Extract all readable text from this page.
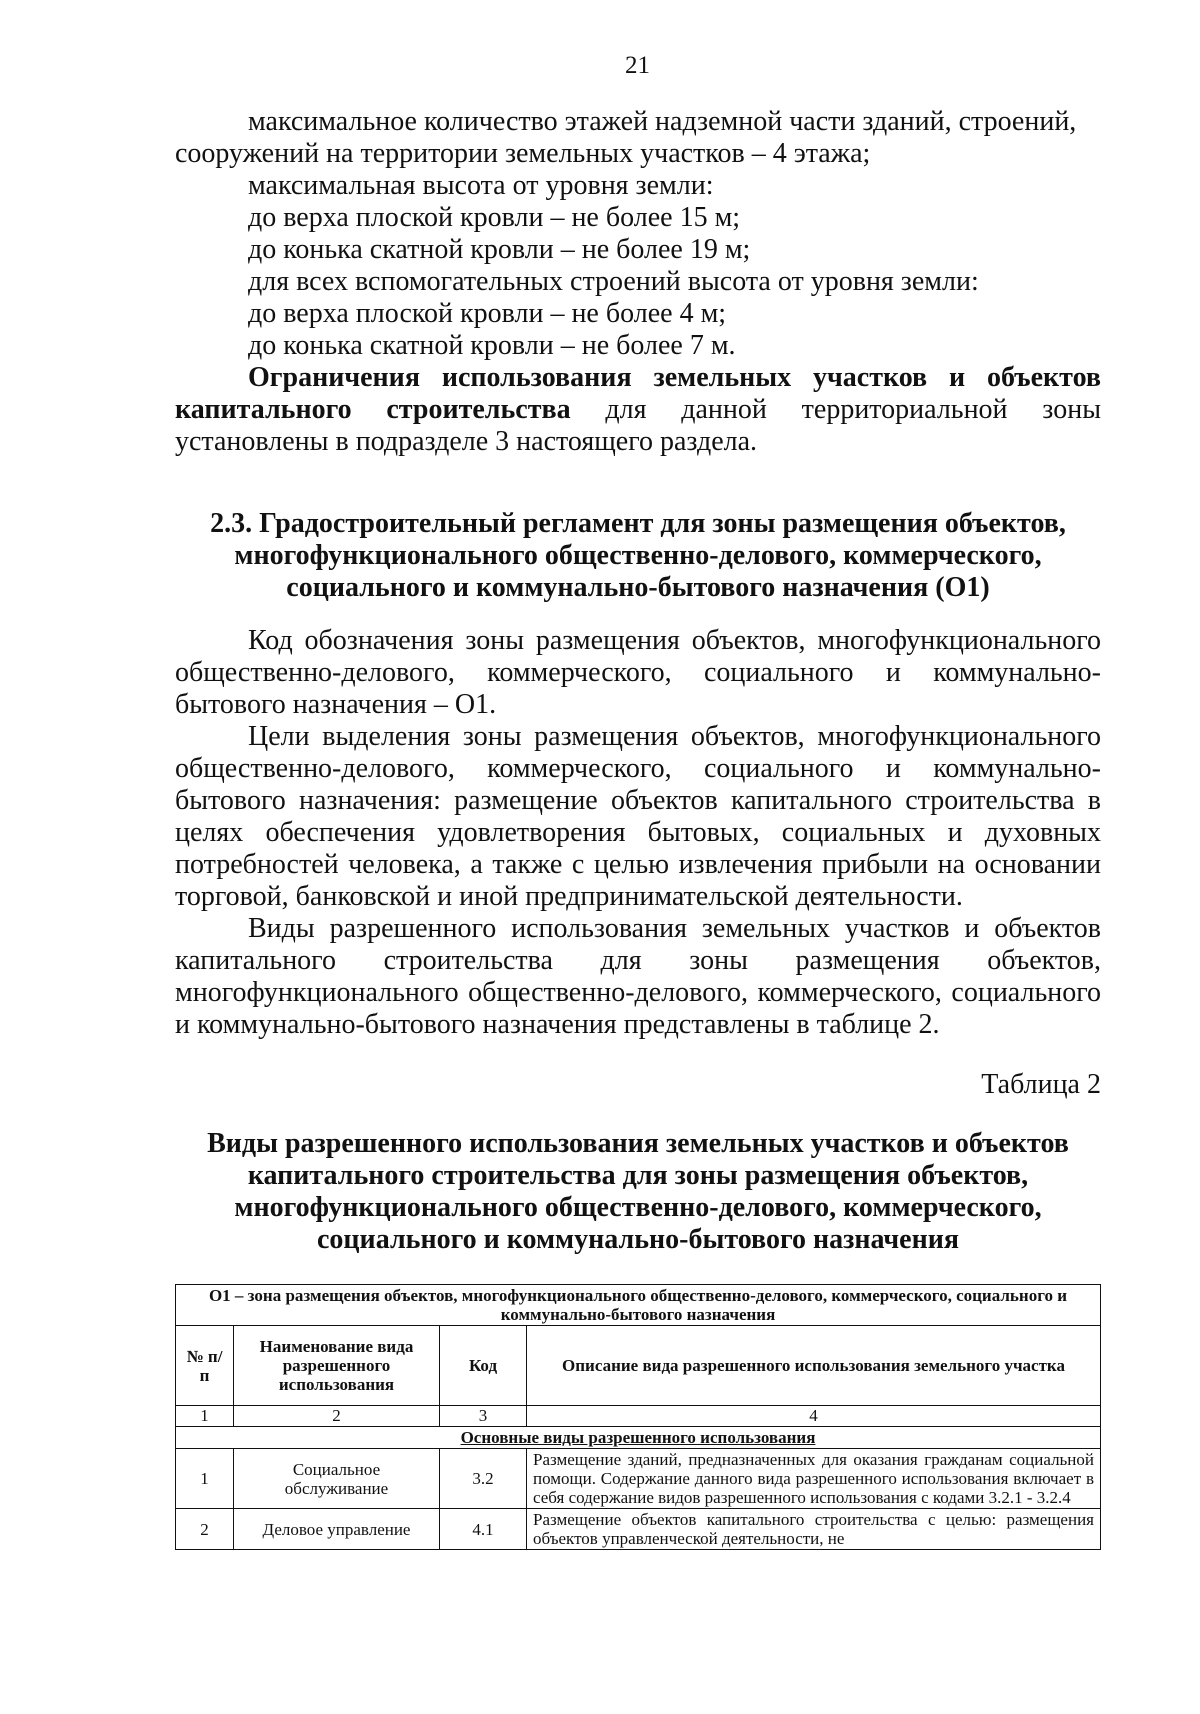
21
максимальное количество этажей надземной части зданий, строений,

сооружений на территории земельных участков – 4 этажа;

максимальная высота от уровня земли:
до верха плоской кровли – не более 15 м;
до конька скатной кровли – не более 19 м;
для всех вспомогательных строений высота от уровня земли:
до верха плоской кровли – не более 4 м;
до конька скатной кровли – не более 7 м.

Ограничения использования земельных участков и объектов капитального строительства для данной территориальной зоны установлены в подразделе 3 настоящего раздела.

2.3. Градостроительный регламент для зоны размещения объектов,
многофункционального общественно-делового, коммерческого,
социального и коммунально-бытового назначения (О1)

Код обозначения зоны размещения объектов, многофункционального общественно-делового, коммерческого, социального и коммунально-бытового назначения – О1.

Цели выделения зоны размещения объектов, многофункционального общественно-делового, коммерческого, социального и коммунально-бытового назначения: размещение объектов капитального строительства в целях обеспечения удовлетворения бытовых, социальных и духовных потребностей человека, а также с целью извлечения прибыли на основании торговой, банковской и иной предпринимательской деятельности.

Виды разрешенного использования земельных участков и объектов капитального строительства для зоны размещения объектов, многофункционального общественно-делового, коммерческого, социального и коммунально-бытового назначения представлены в таблице 2.

Таблица 2
Виды разрешенного использования земельных участков и объектов
капитального строительства для зоны размещения объектов,
многофункционального общественно-делового, коммерческого,
социального и коммунально-бытового назначения
О1 – зона размещения объектов, многофункционального общественно-делового, коммерческого, социального и коммунально-бытового назначения			
№ п/п	Наименование вида разрешенного использования	Код	Описание вида разрешенного использования земельного участка
1	2	3	4
Основные виды разрешенного использования			
1	Социальное обслуживание	3.2	Размещение зданий, предназначенных для оказания гражданам социальной помощи. Содержание данного вида разрешенного использования включает в себя содержание видов разрешенного использования с кодами 3.2.1 - 3.2.4
2	Деловое управление	4.1	Размещение объектов капитального строительства с целью: размещения объектов управленческой деятельности, не
